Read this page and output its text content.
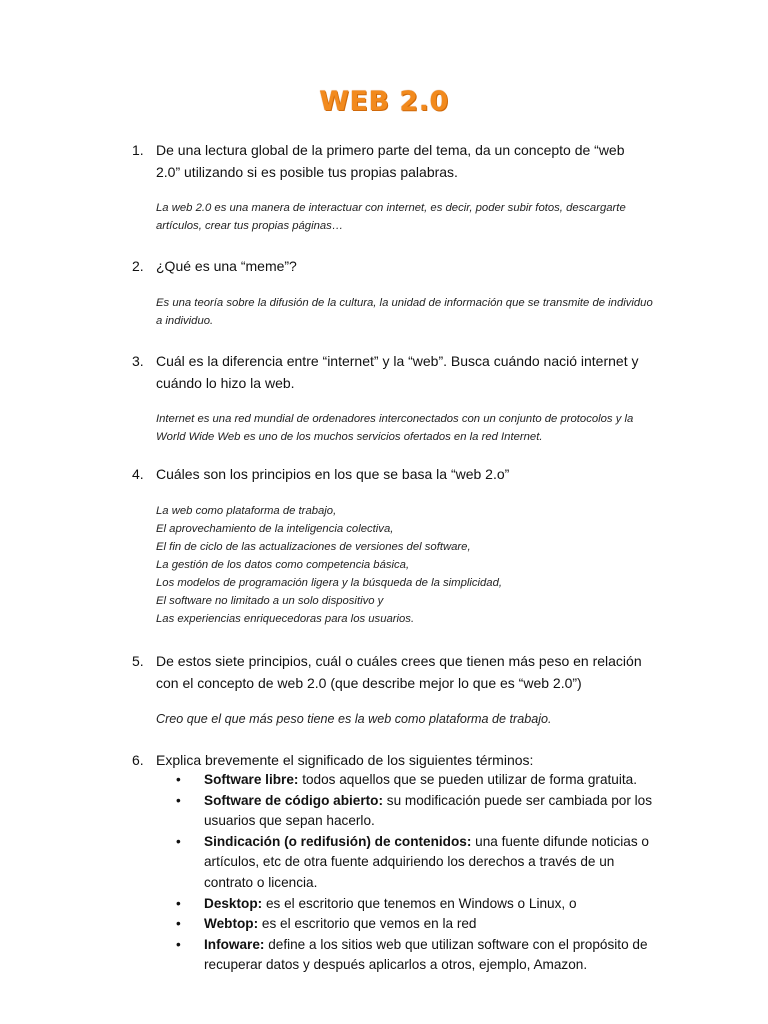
WEB 2.0
1. De una lectura global de la primero parte del tema, da un concepto de “web 2.0” utilizando si es posible tus propias palabras.
La web 2.0 es una manera de interactuar con internet, es decir, poder subir fotos, descargarte artículos, crear tus propias páginas…
2. ¿Qué es una “meme”?
Es una teoría sobre la difusión de la cultura, la unidad de información que se transmite de individuo a individuo.
3. Cuál es la diferencia entre “internet” y la “web”. Busca cuándo nació internet y cuándo lo hizo la web.
Internet es una red mundial de ordenadores interconectados con un conjunto de protocolos y la World Wide Web es uno de los muchos servicios ofertados en la red Internet.
4. Cuáles son los principios en los que se basa la “web 2.o”
La web como plataforma de trabajo,
El aprovechamiento de la inteligencia colectiva,
El fin de ciclo de las actualizaciones de versiones del software,
La gestión de los datos como competencia básica,
Los modelos de programación ligera y la búsqueda de la simplicidad,
El software no limitado a un solo dispositivo y
Las experiencias enriquecedoras para los usuarios.
5. De estos siete principios, cuál o cuáles crees que tienen más peso en relación con el concepto de web 2.0 (que describe mejor lo que es “web 2.0”)
Creo que el que más peso tiene es la web como plataforma de trabajo.
6. Explica brevemente el significado de los siguientes términos:
• Software libre: todos aquellos que se pueden utilizar de forma gratuita.
• Software de código abierto: su modificación puede ser cambiada por los usuarios que sepan hacerlo.
• Sindicación (o redifusión) de contenidos: una fuente difunde noticias o artículos, etc de otra fuente adquiriendo los derechos a través de un contrato o licencia.
• Desktop: es el escritorio que tenemos en Windows o Linux, o
• Webtop: es el escritorio que vemos en la red
• Infoware: define a los sitios web que utilizan software con el propósito de recuperar datos y después aplicarlos a otros, ejemplo, Amazon.
